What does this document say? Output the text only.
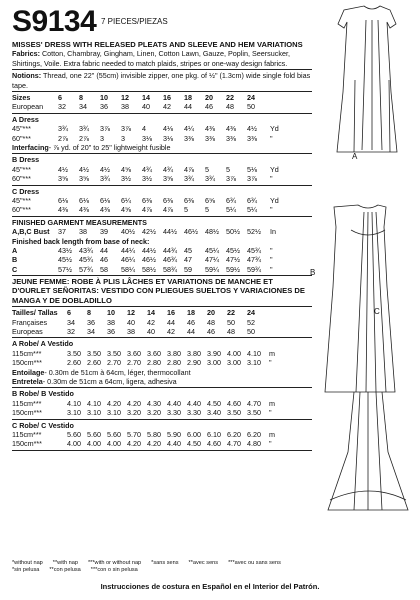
S9134 7 PIECES/PIEZAS
MISSES' DRESS WITH RELEASED PLEATS AND SLEEVE AND HEM VARIATIONS

Fabrics: Cotton, Chambray, Gingham, Linen, Cotton Lawn, Gauze, Poplin, Seersucker, Shirtings, Voile. Extra fabric needed to match plaids, stripes or one-way design fabrics.

Notions: Thread, one 22" (55cm) invisible zipper, one pkg. of ½" (1.3cm) wide single fold bias tape.

Sizes	6	8	10	12	14	16	18	20	22	24
European	32	34	36	38	40	42	44	46	48	50
A Dress
45"***	3¾	3¾	3⅞	3⅞	4	4⅛	4¼	4⅜	4⅜	4½	Yd
60"***	2⅞	2⅞	3	3	3⅛	3⅛	3⅜	3⅜	3⅜	3⅜	"
Interfacing - ⅞ yd. of 20" to 25" lightweight fusible
B Dress
45"***	4½	4½	4½	4⅝	4¾	4¾	4⅞	5	5	5⅛	Yd
60"***	3⅝	3⅝	3¾	3½	3½	3⅝	3¾	3¾	3⅞	3⅞	"
C Dress
45"***	6⅛	6⅛	6⅛	6¼	6⅜	6⅜	6⅜	6⅝	6¾	6¾	Yd
60"***	4⅜	4⅜	4⅜	4⅝	4⅞	4⅞	5	5	5¼	5¼	"
FINISHED GARMENT MEASUREMENTS
A,B,C Bust	37	38	39	40½ 42½ 44½ 46½ 48½ 50½ 52½	In
Finished back length from base of neck:
A	43½ 43¾ 44	44¼ 44½ 44¾ 45	45¼ 45½ 45¾	"
B	45½ 45¾ 46	46¼ 46½ 46¾ 47	47¼ 47½ 47¾	"
C	57½ 57¾ 58	58¼ 58½ 58¾ 59	59¼ 59½ 59¾	"
JEUNE FEMME: ROBE À PLIS LÂCHES ET VARIATIONS DE MANCHE ET D'OURLET SEÑORITAS: VESTIDO CON PLIEGUES SUELTOS Y VARIACIONES DE MANGA Y DE DOBLADILLO
Tailles/ Tallas	6	8	10	12	14	16	18	20	22	24
Françaises	34	36	38	40	42	44	46	48	50	52
Europeas	32	34	36	38	40	42	44	46	48	50
A Robe/ A Vestido
115cm***	3.50 3.50 3.50 3.60 3.60 3.80 3.80 3.90 4.00 4.10	m
150cm***	2.60 2.60 2.70 2.70 2.80 2.80 2.90 3.00 3.00 3.10	"
Entoilage - 0.30m de 51cm à 64cm, léger, thermocollant
Entretela - 0.30m de 51cm a 64cm, ligera, adhesiva
B Robe/ B Vestido
115cm***	4.10 4.10 4.20 4.20 4.30 4.40 4.40 4.50 4.60 4.70	m
150cm***	3.10 3.10 3.10 3.20 3.20 3.30 3.30 3.40 3.50 3.50	"
C Robe/ C Vestido
115cm***	5.60 5.60 5.60 5.70 5.80 5.90 6.00 6.10 6.20 6.20	m
150cm***	4.00 4.00 4.00 4.20 4.20 4.40 4.50 4.60 4.70 4.80	"
*without nap **with nap ***with or without nap *sans sens **avec sens ***avec ou sans sens
*sin pelusa **con pelusa ***con o sin pelusa
Instrucciones de costura en Español en el Interior del Patrón.
A
B
C
